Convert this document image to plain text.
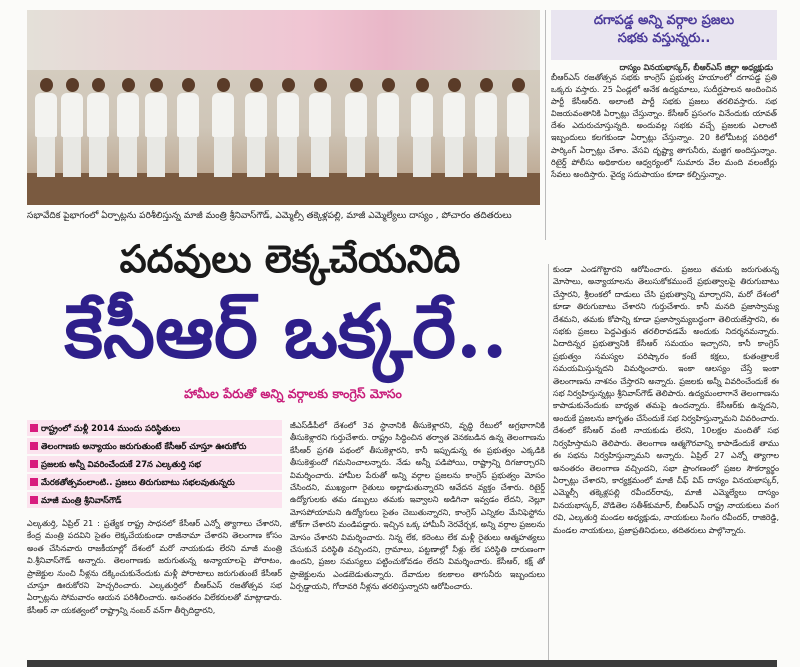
సభావేదిక పైభాగంలో ఏర్పాట్లను పరిశీలిస్తున్న మాజీ మంత్రి శ్రీనివాస్‌గౌడ్, ఎమ్మెల్సీ తక్కెళ్లపల్లి, మాజీ ఎమ్మెల్యేలు దాస్యం , పోచారం తదితరులు
దగాపడ్డ అన్ని వర్గాల ప్రజలు
సభకు వస్తున్నరు..
దాస్యం వినయభాస్కర్, బీఆర్‌ఎస్ జిల్లా అధ్యక్షుడు
బీఆర్‌ఎస్ రజతోత్సవ సభకు కాంగ్రెస్ ప్రభుత్వ హయాంలో దగాపడ్డ ప్రతి ఒక్కరు వస్తారు. 25 ఏండ్లలో అనేక ఉద్యమాలు, సుదీర్ఘపాలన అందించిన పార్టీ కేసీఆర్‌ది. అలాంటి పార్టీ సభకు ప్రజలు తరలివస్తారు. సభ విజయవంతానికి ఏర్పాట్లు చేస్తున్నాం. కేసీఆర్ ప్రసంగం వినేందుకు యావత్ దేశం ఎదురుచూస్తున్నది. అందువల్ల సభకు వచ్చే ప్రజలకు ఎలాంటి ఇబ్బందులు కలగకుండా ఏర్పాట్లు చేస్తున్నాం. 20 కిలోమీటర్ల పరిధిలో పార్కింగ్ ఏర్పాట్లు చేశాం. వేసవి దృష్ట్యా తాగునీరు, మజ్జిగ అందిస్తున్నాం. రిటైర్డ్ పోలీసు అధికారుల ఆధ్వర్యంలో సుమారు వేల మంది వలంటీర్లు సేవలు అందిస్తారు. వైద్య సదుపాయం కూడా కల్పిస్తున్నాం.
పదవులు లెక్కచేయనిది
కేసీఆర్ ఒక్కరే..
హామీల పేరుతో అన్ని వర్గాలకు కాంగ్రెస్ మోసం
రాష్ట్రంలో మళ్లీ 2014 ముందు పరిస్థితులు
తెలంగాణకు అన్యాయం జరుగుతుంటే కేసీఆర్ చూస్తూ ఊరుకోరు
ప్రజలకు అన్నీ వివరించేందుకే 27న ఎల్కతుర్తి సభ
మేరకతోత్సవంలాంటి.. ప్రజలు తిరుగుబాటు సభలవుతున్నరు
మాజీ మంత్రి శ్రీనివాస్‌గౌడ్
ఎల్కతుర్తి, ఏప్రిల్ 21 : ప్రత్యేక రాష్ట్ర సాధనలో కేసీఆర్ ఎన్నో త్యాగాలు చేశారని, కేంద్ర మంత్రి పదవిని సైతం లెక్కచేయకుండా రాజీనామా చేశారని తెలంగాణ కోసం అంత చేసినవారు రాజకీయాల్లో దేశంలో మరో నాయకుడు లేరని మాజీ మంత్రి వి.శ్రీనివాస్‌గౌడ్ అన్నారు. తెలంగాణకు జరుగుతున్న అన్యాయాలపై పోరాటం, ప్రాజెక్టుల నుంచి నీళ్లను దక్కించుకునేందుకు మళ్లీ పోరాటాలు జరుగుతుంటే కేసీఆర్ చూస్తూ ఊరుకోరని హెచ్చరించారు. ఎల్కతుర్తిలో బీఆర్‌ఎస్ రజతోత్సవ సభ ఏర్పాట్లను సోమవారం ఆయన పరిశీలించారు. అనంతరం విలేకరులతో మాట్లాడారు. కేసీఆర్ నా యకత్వంలో రాష్ట్రాన్ని నంబర్ వన్‌గా తీర్చిదిద్దారని,
జీఎస్‌డీపీలో దేశంలో 3వ స్థానానికి తీసుకెళ్లారని, వృద్ధి రేటులో అగ్రభాగానికి తీసుకెళ్లారని గుర్తుచేశారు. రాష్ట్రం సిద్ధించిన తర్వాత వెనకబడిన ఉన్న తెలంగాణను కేసీఆర్ ప్రగతి పథంలో తీసుకెళ్లారని, కానీ ఇప్పుడున్న ఈ ప్రభుత్వం ఎక్కడికి తీసుకెళ్తుందో గమనించాలన్నారు. నేడు అన్నీ పడిపోయి, రాష్ట్రాన్ని దిగజార్చారని విమర్శించారు. హామీల పేరుతో అన్ని వర్గాల ప్రజలను కాంగ్రెస్ ప్రభుత్వం మోసం చేసిందని, ముఖ్యంగా రైతులు అల్లాడుతున్నారని ఆవేదన వ్యక్తం చేశారు. రిటైర్డ్ ఉద్యోగులకు తమ డబ్బులు తమకు ఇవ్వాలని అడిగినా ఇవ్వడం లేదని, నెల్లూ మోసపోయామని ఉద్యోగులు సైతం చెబుతున్నారని, కాంగ్రెస్ ఎన్నికల మేనిఫెస్టోను జోక్‌గా చేశారని మండిపడ్డారు. ఇచ్చిన ఒక్క హామీనీ నెరవేర్చక, అన్ని వర్గాల ప్రజలను మోసం చేశారని విమర్శించారు. నిన్న లేక, కరెంటు లేక మళ్లీ రైతులు ఆత్మహత్యలు చేసుకునే పరిస్థితి వచ్చిందని, గ్రామాలు, పట్టణాల్లో నీళ్లు లేక పరిస్థితి దారుణంగా ఉందని, ప్రజల సమస్యలు పట్టించుకోవడం లేదని విమర్శించారు. కేసీఆర్, కక్ష్‌ తో ప్రాజెక్టులను ఎండబెడుతున్నారు. దేవాదుల కలకాలం తాగునీరు ఇబ్బందులు ఏర్పడ్డాయని, గోదావరి నీళ్లను తరలిస్తున్నారని ఆరోపించారు.
కుండా ఎండగొట్టారని ఆరోపించారు. ప్రజలు తమకు జరుగుతున్న మోసాలు, అన్యాయాలను తెలుసుకోకముందే ప్రభుత్వాలపై తిరుగుబాటు చేస్తారని, శ్రీలంకలో దాడులు చేసి ప్రభుత్వాన్ని మార్చారని, మరో దేశంలో కూడా తిరుగుబాటు చేశారని గుర్తుచేశారు. కానీ మనది ప్రజాస్వామ్య దేశమని, తమకు కోపాన్ని కూడా ప్రజాస్వామ్యబద్ధంగా తెలియజేస్తారని, ఈ సభకు ప్రజలు పెద్దఎత్తున తరలిరావడమే అందుకు నిదర్శనమన్నారు. ఏదాదిన్నర ప్రభుత్వానికి కేసీఆర్ సమయం ఇచ్చారని, కానీ కాంగ్రెస్ ప్రభుత్వం సమస్యల పరిష్కారం కంటే కక్షలు, కుతంత్రాలకే సమయమిస్తున్నదని విమర్శించారు. ఇంకా ఆలస్యం చేస్తే ఇంకా తెలంగాణను నాశనం చేస్తారని అన్నారు. ప్రజలకు అన్నీ వివరించేందుకే ఈ సభ నిర్వహిస్తున్నట్లు శ్రీనివాస్‌గౌడ్ తెలిపారు. ఉద్యమంలాగానే తెలంగాణను కాపాడుకునేందుకు బాధ్యత తమపై ఉందన్నారు. కేసీఆర్‌కు ఉన్నదని, అందుకే ప్రజలను జాగృతం చేసేందుకే సభ నిర్వహిస్తున్నామని వివరించారు. దేశంలో కేసీఆర్ వంటి నాయకుడు లేరని, 10లక్షల మందితో సభ నిర్వహిస్తామని తెలిపారు. తెలంగాణ ఆత్మగౌరవాన్ని కాపాడేందుకే తాము ఈ సభను నిర్వహిస్తున్నామని అన్నారు. ఏప్రిల్ 27 ఎన్నో త్యాగాల అనంతరం తెలంగాణ వచ్చిందని, సభా ప్రాంగణంలో ప్రజల సౌకర్యార్థం ఏర్పాట్లు చేశారని, కార్యక్రమంలో మాజీ చీఫ్ విప్ దాస్యం వినయభాస్కర్, ఎమ్మెల్సీ తక్కెళ్లపల్లి రవీందర్‌రావు, మాజీ ఎమ్మెల్యేలు దాస్యం వినయభాస్కర్, వొడితెల సతీశ్‌కుమార్, బీఆర్‌ఎస్ రాష్ట్ర నాయకులు వంగ రవి, ఎల్కతుర్తి మండల అధ్యక్షుడు, నాయకులు సింగం రవీందర్, రాజిరెడ్డి, మండల నాయకులు, ప్రజాప్రతినిధులు, తదితరులు పాల్గొన్నారు.
